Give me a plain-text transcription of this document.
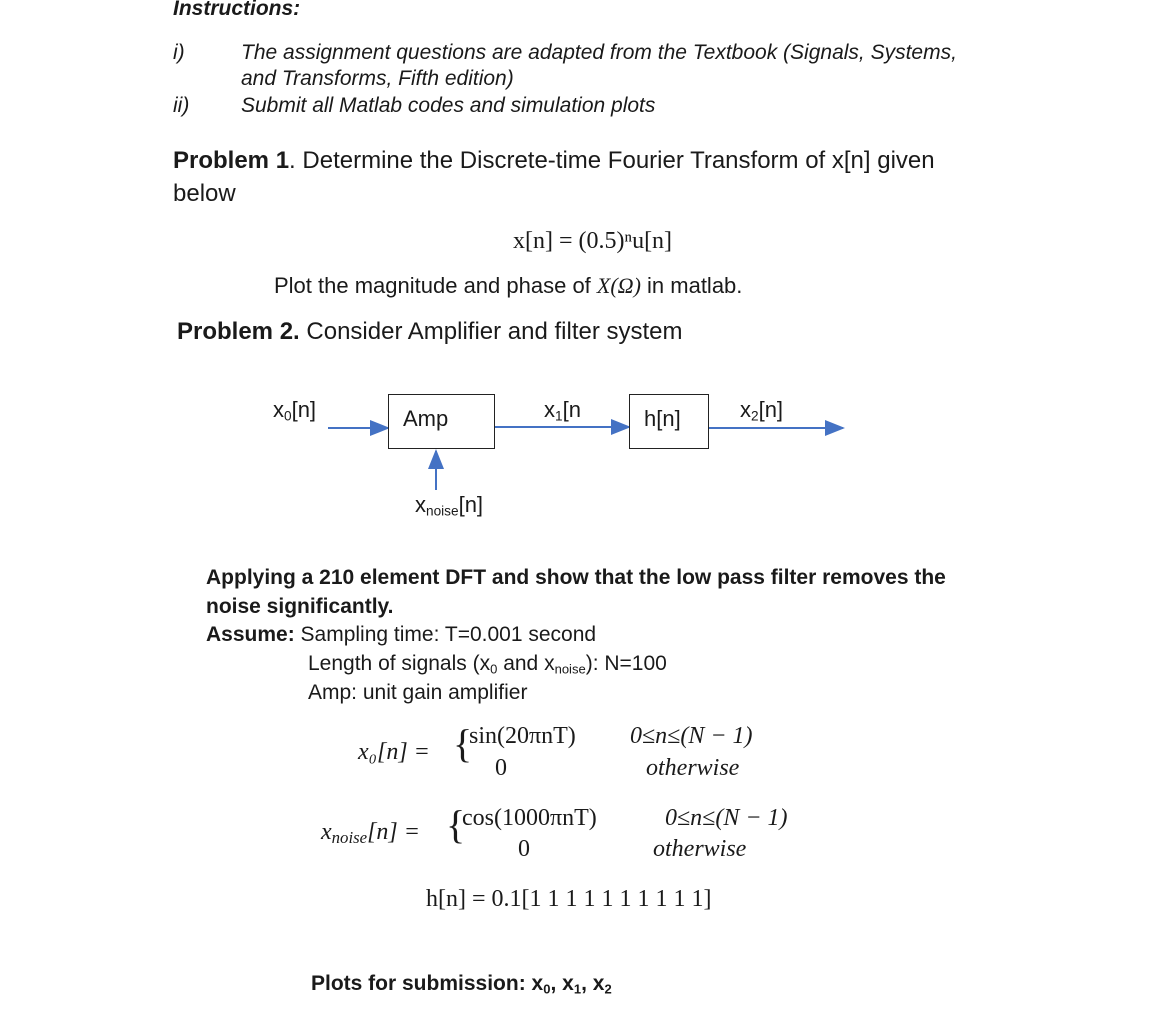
Instructions:
i)	The assignment questions are adapted from the Textbook (Signals, Systems,
and Transforms, Fifth edition)
ii) Submit all Matlab codes and simulation plots
Problem 1. Determine the Discrete-time Fourier Transform of x[n] given
below
x[n] = (0.5)ⁿu[n]
Plot the magnitude and phase of X(Ω) in matlab.
Problem 2. Consider Amplifier and filter system
$x_0[n]$	Amp	$x_1[n$	h[n]	$x_2[n]$
$x_{noise}[n]$
Applying a 210 element DFT and show that the low pass filter removes the
noise significantly.
Assume: Sampling time: T=0.001 second
Length of signals ($x_0$ and $x_{noise}$): N=100
Amp: unit gain amplifier
x₀[n] = {
sin(20πnT)
0
0≤n≤(N − 1)
otherwise
$x_{noise}[n]$ = {
cos(1000πnT)
0
0≤n≤(N − 1)
otherwise
h[n] = 0.1[1 1 1 1 1 1 1 1 1 1]
Plots for submission: $x_0$, $x_1$, $x_2$
